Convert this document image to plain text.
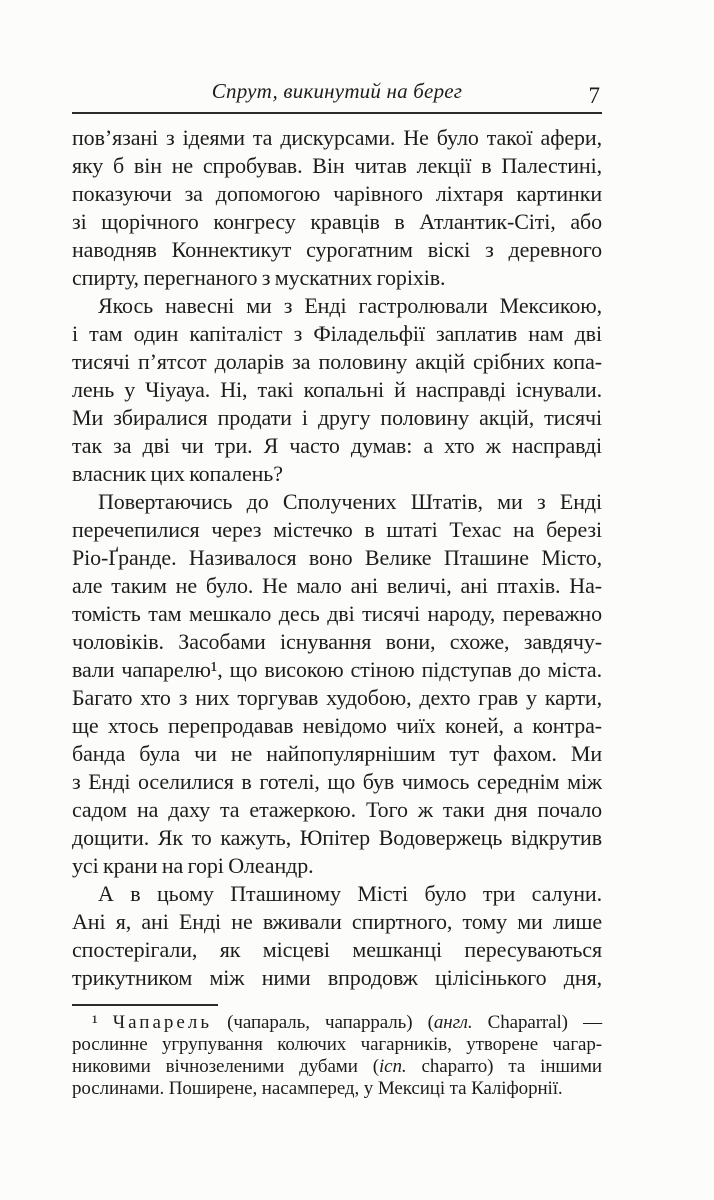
Спрут, викинутий на берег	7
пов’язані з ідеями та дискурсами. Не було такої афери,
яку б він не спробував. Він читав лекції в Палестині,
показуючи за допомогою чарівного ліхтаря картинки
зі щорічного конгресу кравців в Атлантик-Сіті, або
наводняв Коннектикут сурогатним віскі з деревного
спирту, перегнаного з мускатних горіхів.
Якось навесні ми з Енді гастролювали Мексикою,
і там один капіталіст з Філадельфії заплатив нам дві
тисячі п’ятсот доларів за половину акцій срібних копа-
лень у Чіуауа. Ні, такі копальні й насправді існували.
Ми збиралися продати і другу половину акцій, тисячі
так за дві чи три. Я часто думав: а хто ж насправді
власник цих копалень?
Повертаючись до Сполучених Штатів, ми з Енді
перечепилися через містечко в штаті Техас на березі
Ріо-Ґранде. Називалося воно Велике Пташине Місто,
але таким не було. Не мало ані величі, ані птахів. На-
томість там мешкало десь дві тисячі народу, переважно
чоловіків. Засобами існування вони, схоже, завдячу-
вали чапарелю¹, що високою стіною підступав до міста.
Багато хто з них торгував худобою, дехто грав у карти,
ще хтось перепродавав невідомо чиїх коней, а контра-
банда була чи не найпопулярнішим тут фахом. Ми
з Енді оселилися в готелі, що був чимось середнім між
садом на даху та етажеркою. Того ж таки дня почало
дощити. Як то кажуть, Юпітер Водовержець відкрутив
усі крани на горі Олеандр.
А в цьому Пташиному Місті було три салуни.
Ані я, ані Енді не вживали спиртного, тому ми лише
спостерігали, як місцеві мешканці пересуваються
трикутником між ними впродовж цілісінького дня,
¹ Чапарель (чапараль, чапарраль) (англ. Chaparral) —
рослинне угрупування колючих чагарників, утворене чагар-
никовими вічнозеленими дубами (ісп. chaparro) та іншими
рослинами. Поширене, насамперед, у Мексиці та Каліфорнії.
